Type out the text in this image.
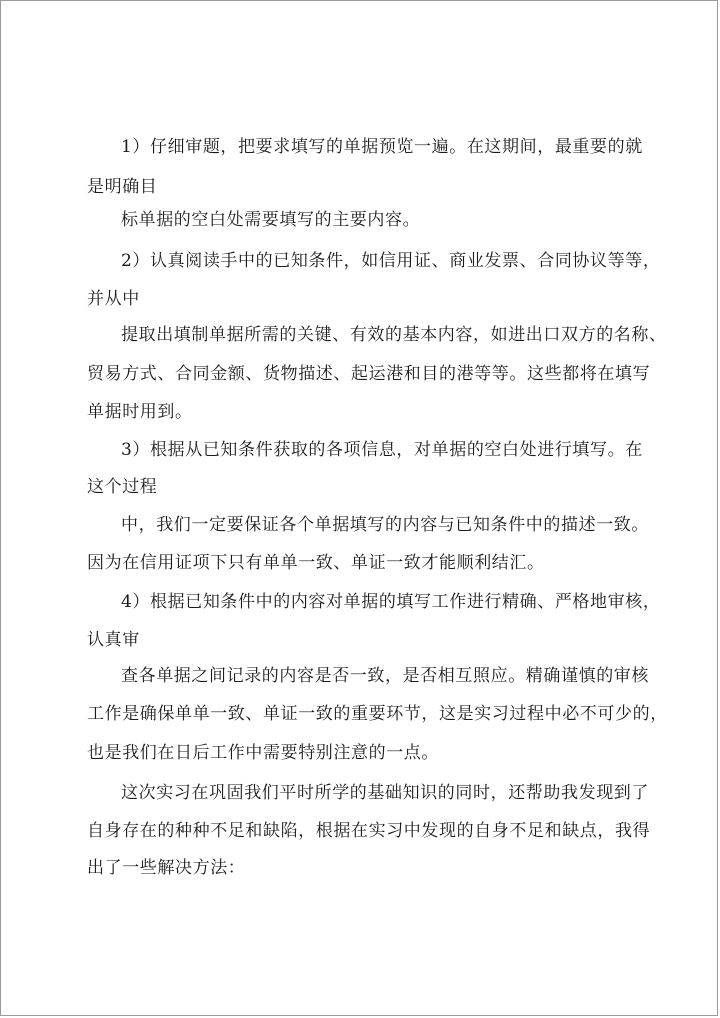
1）仔细审题，把要求填写的单据预览一遍。在这期间，最重要的就
是明确目
标单据的空白处需要填写的主要内容。
2）认真阅读手中的已知条件，如信用证、商业发票、合同协议等等，
并从中
提取出填制单据所需的关键、有效的基本内容，如进出口双方的名称、
贸易方式、合同金额、货物描述、起运港和目的港等等。这些都将在填写
单据时用到。
3）根据从已知条件获取的各项信息，对单据的空白处进行填写。在
这个过程
中，我们一定要保证各个单据填写的内容与已知条件中的描述一致。
因为在信用证项下只有单单一致、单证一致才能顺利结汇。
4）根据已知条件中的内容对单据的填写工作进行精确、严格地审核，
认真审
查各单据之间记录的内容是否一致，是否相互照应。精确谨慎的审核
工作是确保单单一致、单证一致的重要环节，这是实习过程中必不可少的，
也是我们在日后工作中需要特别注意的一点。
这次实习在巩固我们平时所学的基础知识的同时，还帮助我发现到了
自身存在的种种不足和缺陷，根据在实习中发现的自身不足和缺点，我得
出了一些解决方法：
